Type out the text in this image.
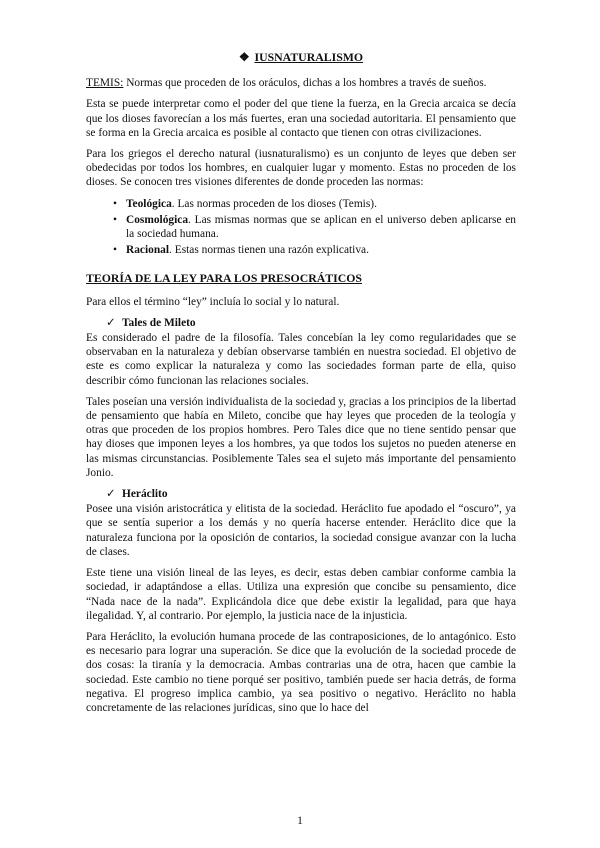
❖ IUSNATURALISMO

TEMIS: Normas que proceden de los oráculos, dichas a los hombres a través de sueños.

Esta se puede interpretar como el poder del que tiene la fuerza, en la Grecia arcaica se decía que los dioses favorecían a los más fuertes, eran una sociedad autoritaria. El pensamiento que se forma en la Grecia arcaica es posible al contacto que tienen con otras civilizaciones.

Para los griegos el derecho natural (iusnaturalismo) es un conjunto de leyes que deben ser obedecidas por todos los hombres, en cualquier lugar y momento. Estas no proceden de los dioses. Se conocen tres visiones diferentes de donde proceden las normas:

• Teológica. Las normas proceden de los dioses (Temis).
• Cosmológica. Las mismas normas que se aplican en el universo deben aplicarse en la sociedad humana.
• Racional. Estas normas tienen una razón explicativa.
TEORÍA DE LA LEY PARA LOS PRESOCRÁTICOS

Para ellos el término “ley” incluía lo social y lo natural.

✓ Tales de Mileto

Es considerado el padre de la filosofía. Tales concebían la ley como regularidades que se observaban en la naturaleza y debían observarse también en nuestra sociedad. El objetivo de este es como explicar la naturaleza y como las sociedades forman parte de ella, quiso describir cómo funcionan las relaciones sociales.

Tales poseían una versión individualista de la sociedad y, gracias a los principios de la libertad de pensamiento que había en Mileto, concibe que hay leyes que proceden de la teología y otras que proceden de los propios hombres. Pero Tales dice que no tiene sentido pensar que hay dioses que imponen leyes a los hombres, ya que todos los sujetos no pueden atenerse en las mismas circunstancias. Posiblemente Tales sea el sujeto más importante del pensamiento Jonio.

✓ Heráclito

Posee una visión aristocrática y elitista de la sociedad. Heráclito fue apodado el “oscuro”, ya que se sentía superior a los demás y no quería hacerse entender. Heráclito dice que la naturaleza funciona por la oposición de contarios, la sociedad consigue avanzar con la lucha de clases.

Este tiene una visión lineal de las leyes, es decir, estas deben cambiar conforme cambia la sociedad, ir adaptándose a ellas. Utiliza una expresión que concibe su pensamiento, dice “Nada nace de la nada”. Explicándola dice que debe existir la legalidad, para que haya ilegalidad. Y, al contrario. Por ejemplo, la justicia nace de la injusticia.

Para Heráclito, la evolución humana procede de las contraposiciones, de lo antagónico. Esto es necesario para lograr una superación. Se dice que la evolución de la sociedad procede de dos cosas: la tiranía y la democracia. Ambas contrarias una de otra, hacen que cambie la sociedad. Este cambio no tiene porqué ser positivo, también puede ser hacia detrás, de forma negativa. El progreso implica cambio, ya sea positivo o negativo. Heráclito no habla concretamente de las relaciones jurídicas, sino que lo hace del

1
